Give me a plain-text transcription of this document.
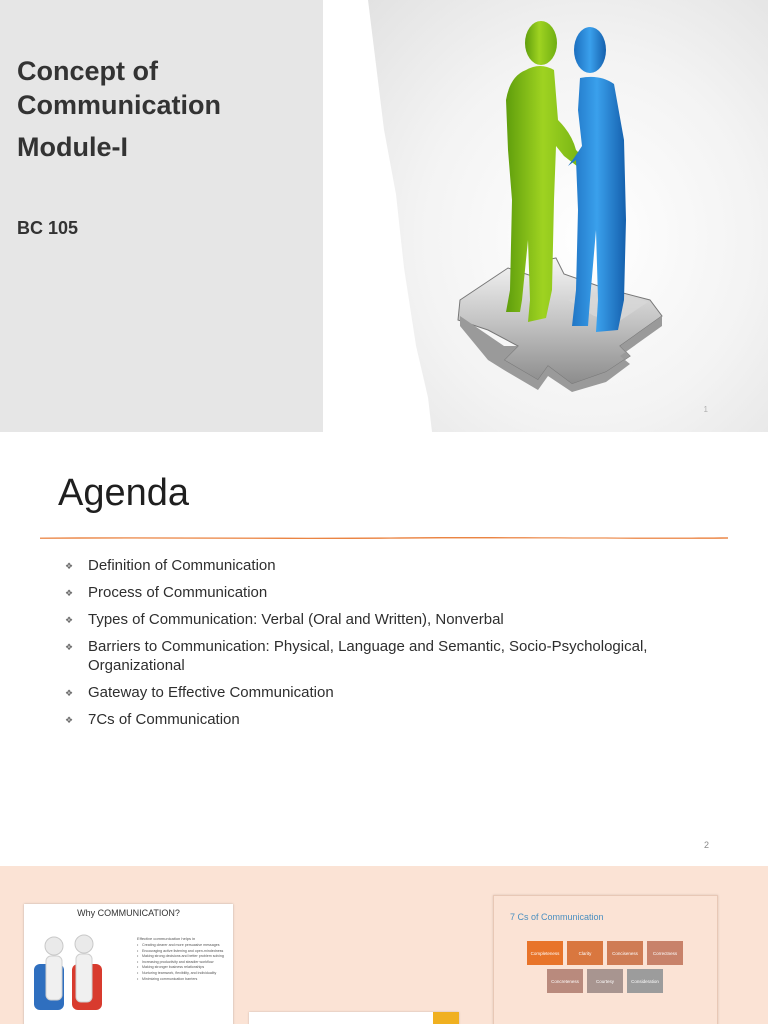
Concept of Communication
Module-I

BC 105

1
Agenda
❖ Definition of Communication
❖ Process of Communication
❖ Types of Communication: Verbal (Oral and Written), Nonverbal
❖ Barriers to Communication: Physical, Language and Semantic, Socio-Psychological, Organizational
❖ Gateway to Effective Communication
❖ 7Cs of Communication
2
Why COMMUNICATION?
Effective communication helps in
• Creating clearer and more persuasive messages
• Encouraging active listening and open-mindedness
• Making strong decisions and better problem solving
• Increasing productivity and steadier workflow
• Making stronger business relationships
• Nurturing teamwork, flexibility, and individuality
• Minimizing communication barriers
7 Cs of Communication
Completeness	Clarity	Conciseness	Correctness
Concreteness	Courtesy	Consideration
